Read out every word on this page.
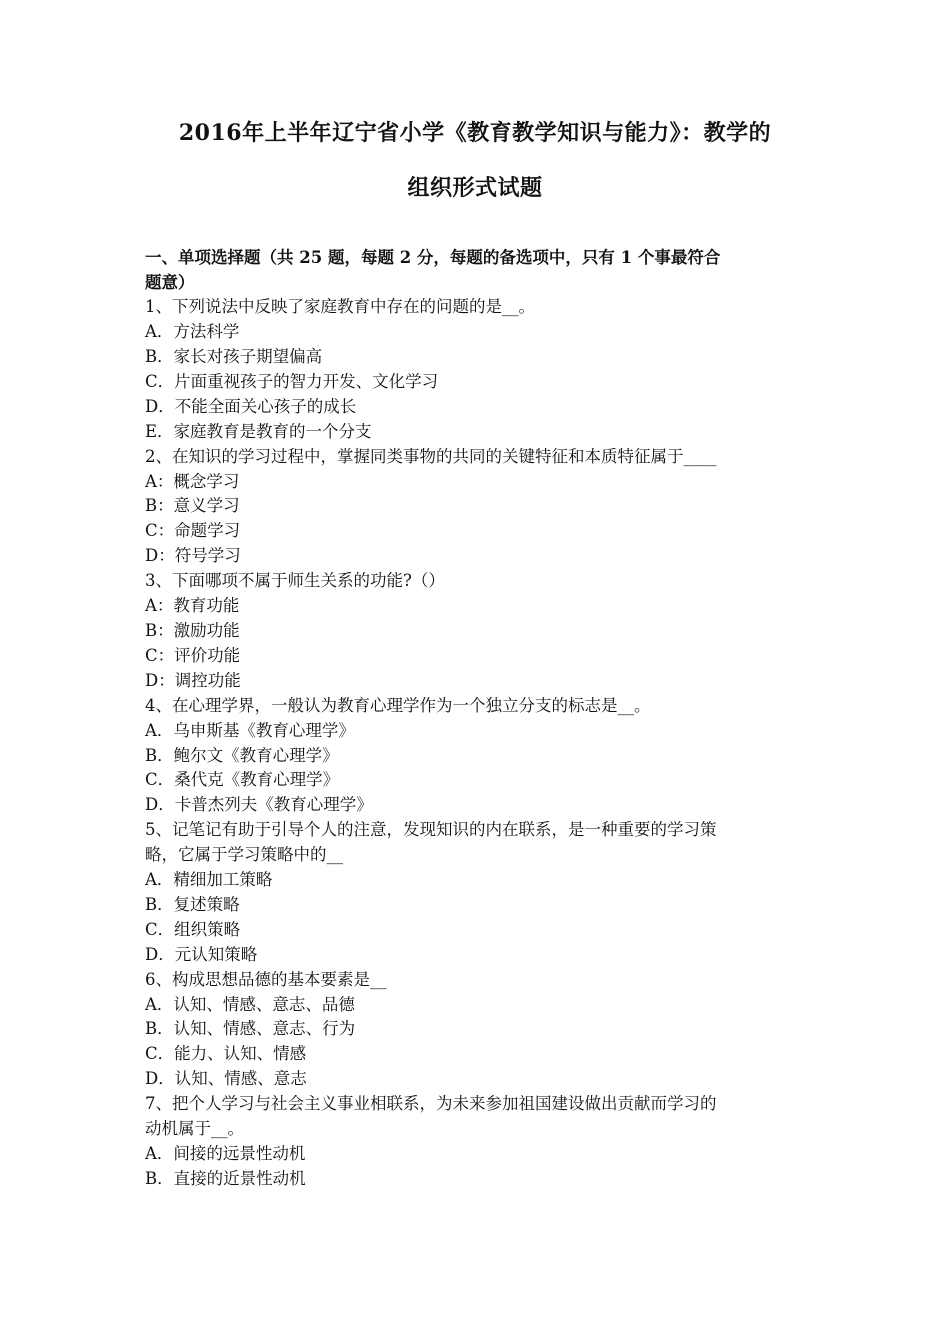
2016年上半年辽宁省小学《教育教学知识与能力》：教学的
组织形式试题

一、单项选择题（共 25 题，每题 2 分，每题的备选项中，只有 1 个事最符合

题意）

1、下列说法中反映了家庭教育中存在的问题的是__。

A．方法科学

B．家长对孩子期望偏高

C．片面重视孩子的智力开发、文化学习

D．不能全面关心孩子的成长

E．家庭教育是教育的一个分支

2、在知识的学习过程中，掌握同类事物的共同的关键特征和本质特征属于____

A：概念学习

B：意义学习

C：命题学习

D：符号学习

3、下面哪项不属于师生关系的功能?（）

A：教育功能

B：激励功能

C：评价功能

D：调控功能

4、在心理学界，一般认为教育心理学作为一个独立分支的标志是__。

A．乌申斯基《教育心理学》

B．鲍尔文《教育心理学》

C．桑代克《教育心理学》

D．卡普杰列夫《教育心理学》

5、记笔记有助于引导个人的注意，发现知识的内在联系，是一种重要的学习策

略，它属于学习策略中的__

A．精细加工策略

B．复述策略

C．组织策略

D．元认知策略

6、构成思想品德的基本要素是__

A．认知、情感、意志、品德

B．认知、情感、意志、行为

C．能力、认知、情感

D．认知、情感、意志

7、把个人学习与社会主义事业相联系，为未来参加祖国建设做出贡献而学习的

动机属于__。

A．间接的远景性动机

B．直接的近景性动机
